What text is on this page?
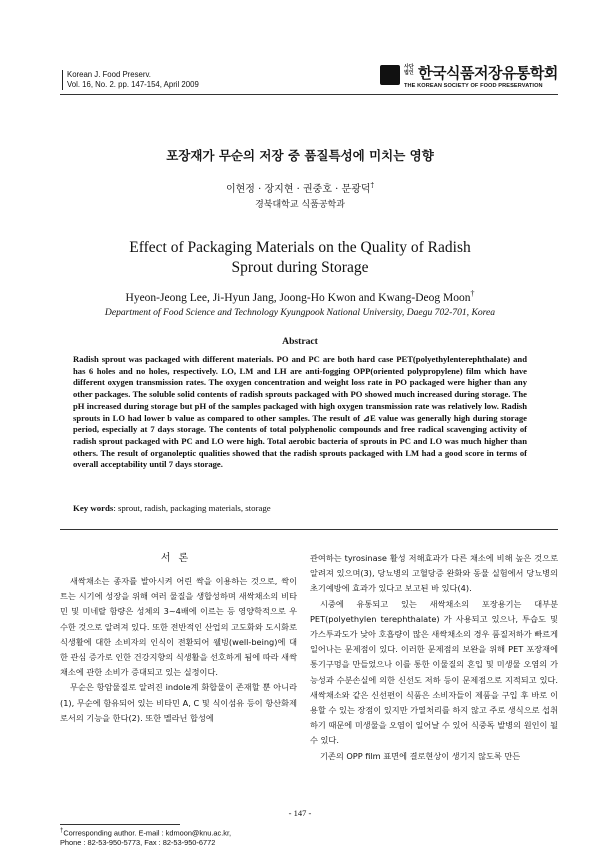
Korean J. Food Preserv.
Vol. 16, No. 2. pp. 147-154, April 2009
사단법인 한국식품저장유통학회
THE KOREAN SOCIETY OF FOOD PRESERVATION
포장재가 무순의 저장 중 품질특성에 미치는 영향
이현정 · 장지현 · 권중호 · 문광덕†
경북대학교 식품공학과
Effect of Packaging Materials on the Quality of Radish
Sprout during Storage
Hyeon-Jeong Lee, Ji-Hyun Jang, Joong-Ho Kwon and Kwang-Deog Moon†
Department of Food Science and Technology Kyungpook National University, Daegu 702-701, Korea
Abstract
Radish sprout was packaged with different materials. PO and PC are both hard case PET(polyethylenterephthalate) and has 6 holes and no holes, respectively. LO, LM and LH are anti-fogging OPP(oriented polypropylene) film which have different oxygen transmission rates. The oxygen concentration and weight loss rate in PO packaged were higher than any other packages. The soluble solid contents of radish sprouts packaged with PO showed much increased during storage. The pH increased during storage but pH of the samples packaged with high oxygen transmission rate was relatively low. Radish sprouts in LO had lower b value as compared to other samples. The result of ⊿E value was generally high during storage period, especially at 7 days storage. The contents of total polyphenolic compounds and free radical scavenging activity of radish sprout packaged with PC and LO were high. Total aerobic bacteria of sprouts in PC and LO was much higher than others. The result of organoleptic qualities showed that the radish sprouts packaged with LM had a good score in terms of overall acceptability until 7 days storage.
Key words: sprout, radish, packaging materials, storage
서론

새싹채소는 종자를 발아시켜 어린 싹을 이용하는 것으로, 싹이 트는 시기에 성장을 위해 여러 물질을 생합성하며 새싹채소의 비타민 및 미네랄 함량은 성체의 3~4배에 이르는 등 영양학적으로 우수한 것으로 알려져 있다. 또한 전반적인 산업의 고도화와 도시화로 식생활에 대한 소비자의 인식이 전환되어 웰빙(well-being)에 대한 관심 증가로 인한 건강지향의 식생활을 선호하게 됨에 따라 새싹채소에 관한 소비가 증대되고 있는 실정이다.

무순은 항암물질로 알려진 indole계 화합물이 존재할 뿐 아니라(1), 무순에 함유되어 있는 비타민 A, C 및 식이섬유 등이 항산화제로서의 기능을 한다(2). 또한 멜라닌 합성에

관여하는 tyrosinase 활성 저해효과가 다른 채소에 비해 높은 것으로 알려져 있으며(3), 당뇨병의 고혈당증 완화와 동물 실험에서 당뇨병의 초기예방에 효과가 있다고 보고된 바 있다(4).

시중에 유통되고 있는 새싹채소의 포장용기는 대부분 PET(polyethylen terephthalate) 가 사용되고 있으나, 투습도 및 가스투과도가 낮아 호흡량이 많은 새싹채소의 경우 품질저하가 빠르게 일어나는 문제점이 있다. 이러한 문제점의 보완을 위해 PET 포장재에 통기구멍을 만들었으나 이를 통한 이물질의 혼입 및 미생물 오염의 가능성과 수분손실에 의한 신선도 저하 등이 문제점으로 지적되고 있다. 새싹채소와 같은 신선편이 식품은 소비자들이 제품을 구입 후 바로 이용할 수 있는 장점이 있지만 가열처리를 하지 않고 주로 생식으로 섭취하기 때문에 미생물을 오염이 일어날 수 있어 식중독 발병의 원인이 될 수 있다.

기존의 OPP film 표면에 결로현상이 생기지 않도록 만든

- 147 -
†Corresponding author. E-mail : kdmoon@knu.ac.kr,
Phone : 82-53-950-5773, Fax : 82-53-950-6772
